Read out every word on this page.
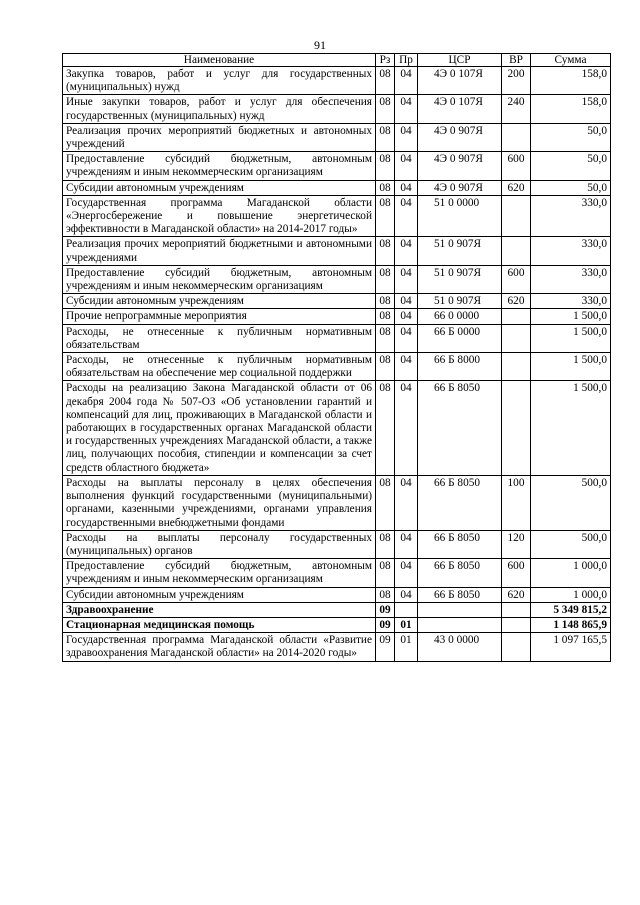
91
Наименование	Рз	Пр	ЦСР	ВР	Сумма
Закупка товаров, работ и услуг для государственных (муниципальных) нужд	08	04	4Э 0 107Я	200	158,0
Иные закупки товаров, работ и услуг для обеспечения государственных (муниципальных) нужд	08	04	4Э 0 107Я	240	158,0
Реализация прочих мероприятий бюджетных и автономных учреждений	08	04	4Э 0 907Я		50,0
Предоставление субсидий бюджетным, автономным учреждениям и иным некоммерческим организациям	08	04	4Э 0 907Я	600	50,0
Субсидии автономным учреждениям	08	04	4Э 0 907Я	620	50,0
Государственная программа Магаданской области «Энергосбережение и повышение энергетической эффективности в Магаданской области» на 2014-2017 годы»	08	04	51 0 0000		330,0
Реализация прочих мероприятий бюджетными и автономными учреждениями	08	04	51 0 907Я		330,0
Предоставление субсидий бюджетным, автономным учреждениям и иным некоммерческим организациям	08	04	51 0 907Я	600	330,0
Субсидии автономным учреждениям	08	04	51 0 907Я	620	330,0
Прочие непрограммные мероприятия	08	04	66 0 0000		1 500,0
Расходы, не отнесенные к публичным нормативным обязательствам	08	04	66 Б 0000		1 500,0
Расходы, не отнесенные к публичным нормативным обязательствам на обеспечение мер социальной поддержки	08	04	66 Б 8000		1 500,0
Расходы на реализацию Закона Магаданской области от 06 декабря 2004 года № 507-ОЗ «Об установлении гарантий и компенсаций для лиц, проживающих в Магаданской области и работающих в государственных органах Магаданской области и государственных учреждениях Магаданской области, а также лиц, получающих пособия, стипендии и компенсации за счет средств областного бюджета»	08	04	66 Б 8050		1 500,0
Расходы на выплаты персоналу в целях обеспечения выполнения функций государственными (муниципальными) органами, казенными учреждениями, органами управления государственными внебюджетными фондами	08	04	66 Б 8050	100	500,0
Расходы на выплаты персоналу государственных (муниципальных) органов	08	04	66 Б 8050	120	500,0
Предоставление субсидий бюджетным, автономным учреждениям и иным некоммерческим организациям	08	04	66 Б 8050	600	1 000,0
Субсидии автономным учреждениям	08	04	66 Б 8050	620	1 000,0
Здравоохранение	09				5 349 815,2
Стационарная медицинская помощь	09	01			1 148 865,9
Государственная программа Магаданской области «Развитие здравоохранения Магаданской области» на 2014-2020 годы»	09	01	43 0 0000		1 097 165,5
